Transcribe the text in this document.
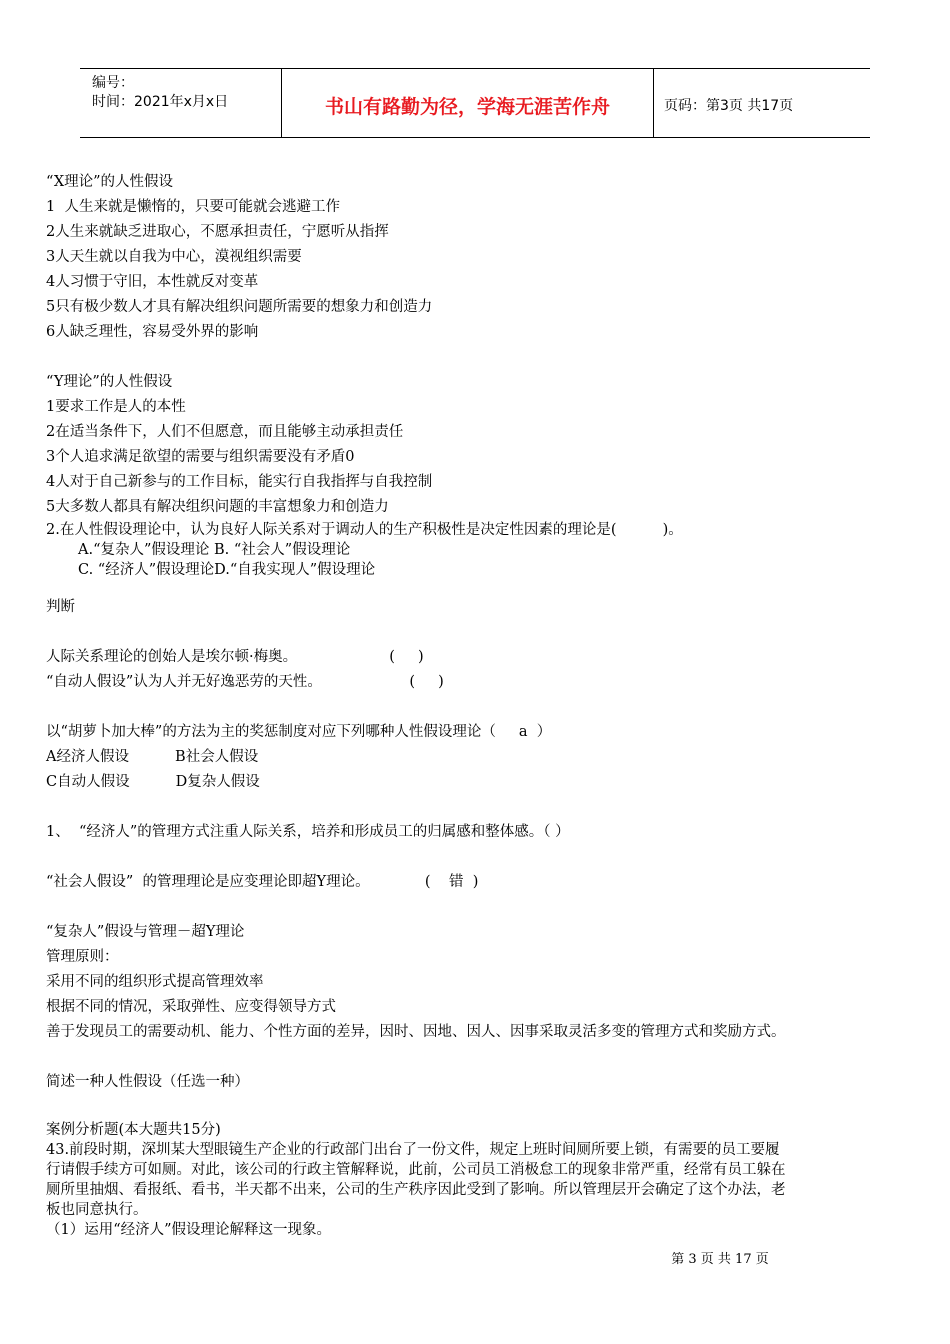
编号：
时间：2021年x月x日	书山有路勤为径，学海无涯苦作舟	页码：第3页 共17页
“X理论”的人性假设
1  人生来就是懒惰的，只要可能就会逃避工作
2人生来就缺乏进取心，不愿承担责任，宁愿听从指挥
3人天生就以自我为中心，漠视组织需要
4人习惯于守旧，本性就反对变革
5只有极少数人才具有解决组织问题所需要的想象力和创造力
6人缺乏理性，容易受外界的影响
“Y理论”的人性假设
1要求工作是人的本性
2在适当条件下，人们不但愿意，而且能够主动承担责任
3个人追求满足欲望的需要与组织需要没有矛盾0
4人对于自己新参与的工作目标，能实行自我指挥与自我控制
5大多数人都具有解决组织问题的丰富想象力和创造力
2.在人性假设理论中，认为良好人际关系对于调动人的生产积极性是决定性因素的理论是(          )。
A.“复杂人”假设理论 B. “社会人”假设理论
C. “经济人”假设理论D.“自我实现人”假设理论
判断
人际关系理论的创始人是埃尔顿·梅奥。                    (     )
“自动人假设”认为人并无好逸恶劳的天性。                   (     )
以“胡萝卜加大棒”的方法为主的奖惩制度对应下列哪种人性假设理论（     a  ）
A经济人假设          B社会人假设
C自动人假设          D复杂人假设
1、  “经济人”的管理方式注重人际关系，培养和形成员工的归属感和整体感。（ ）
“社会人假设”  的管理理论是应变理论即超Y理论。            (    错  )
“复杂人”假设与管理－超Y理论
管理原则：
采用不同的组织形式提高管理效率
根据不同的情况，采取弹性、应变得领导方式
善于发现员工的需要动机、能力、个性方面的差异，因时、因地、因人、因事采取灵活多变的管理方式和奖励方式。
简述一种人性假设（任选一种）
案例分析题(本大题共15分)
43.前段时期，深圳某大型眼镜生产企业的行政部门出台了一份文件，规定上班时间厕所要上锁，有需要的员工要履
行请假手续方可如厕。对此，该公司的行政主管解释说，此前，公司员工消极怠工的现象非常严重，经常有员工躲在
厕所里抽烟、看报纸、看书，半天都不出来，公司的生产秩序因此受到了影响。所以管理层开会确定了这个办法，老
板也同意执行。
（1）运用“经济人”假设理论解释这一现象。
第 3 页 共 17 页
